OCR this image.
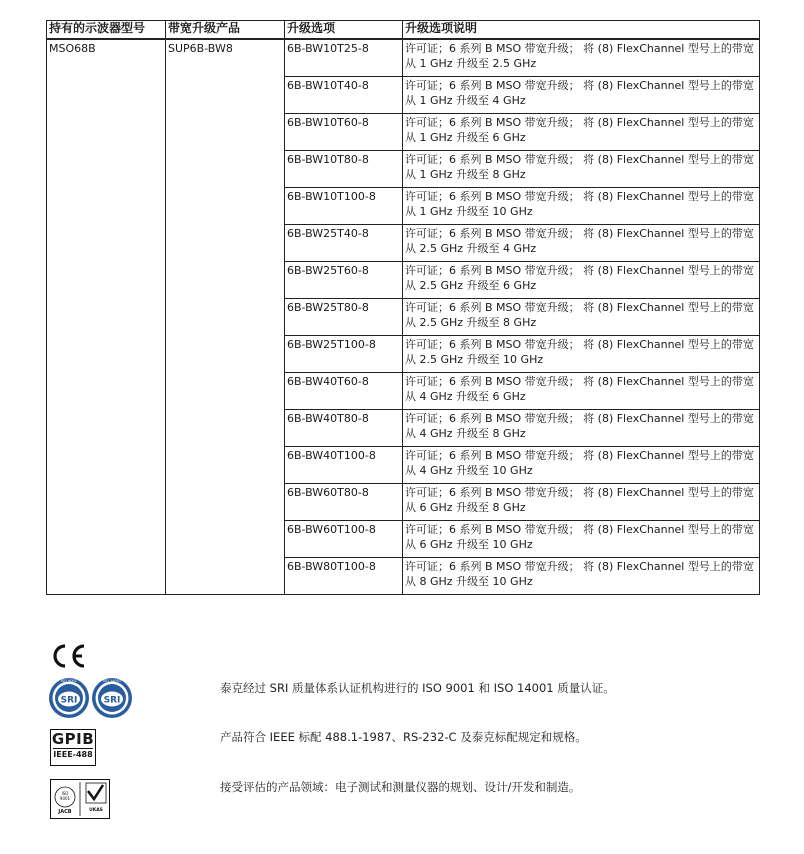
持有的示波器型号	带宽升级产品	升级选项	升级选项说明
MSO68B	SUP6B-BW8	6B-BW10T25-8	许可证；6 系列 B MSO 带宽升级； 将 (8) FlexChannel 型号上的带宽从 1 GHz 升级至 2.5 GHz
		6B-BW10T40-8	许可证；6 系列 B MSO 带宽升级； 将 (8) FlexChannel 型号上的带宽从 1 GHz 升级至 4 GHz
		6B-BW10T60-8	许可证；6 系列 B MSO 带宽升级； 将 (8) FlexChannel 型号上的带宽从 1 GHz 升级至 6 GHz
		6B-BW10T80-8	许可证；6 系列 B MSO 带宽升级； 将 (8) FlexChannel 型号上的带宽从 1 GHz 升级至 8 GHz
		6B-BW10T100-8	许可证；6 系列 B MSO 带宽升级； 将 (8) FlexChannel 型号上的带宽从 1 GHz 升级至 10 GHz
		6B-BW25T40-8	许可证；6 系列 B MSO 带宽升级； 将 (8) FlexChannel 型号上的带宽从 2.5 GHz 升级至 4 GHz
		6B-BW25T60-8	许可证；6 系列 B MSO 带宽升级； 将 (8) FlexChannel 型号上的带宽从 2.5 GHz 升级至 6 GHz
		6B-BW25T80-8	许可证；6 系列 B MSO 带宽升级； 将 (8) FlexChannel 型号上的带宽从 2.5 GHz 升级至 8 GHz
		6B-BW25T100-8	许可证；6 系列 B MSO 带宽升级； 将 (8) FlexChannel 型号上的带宽从 2.5 GHz 升级至 10 GHz
		6B-BW40T60-8	许可证；6 系列 B MSO 带宽升级； 将 (8) FlexChannel 型号上的带宽从 4 GHz 升级至 6 GHz
		6B-BW40T80-8	许可证；6 系列 B MSO 带宽升级； 将 (8) FlexChannel 型号上的带宽从 4 GHz 升级至 8 GHz
		6B-BW40T100-8	许可证；6 系列 B MSO 带宽升级； 将 (8) FlexChannel 型号上的带宽从 4 GHz 升级至 10 GHz
		6B-BW60T80-8	许可证；6 系列 B MSO 带宽升级； 将 (8) FlexChannel 型号上的带宽从 6 GHz 升级至 8 GHz
		6B-BW60T100-8	许可证；6 系列 B MSO 带宽升级； 将 (8) FlexChannel 型号上的带宽从 6 GHz 升级至 10 GHz
		6B-BW80T100-8	许可证；6 系列 B MSO 带宽升级； 将 (8) FlexChannel 型号上的带宽从 8 GHz 升级至 10 GHz
SRI
ISO 9001
SRI
ISO 14001	泰克经过 SRI 质量体系认证机构进行的 ISO 9001 和 ISO 14001 质量认证。
GPIB
IEEE-488
产品符合 IEEE 标配 488.1-1987、RS-232-C 及泰克标配规定和规格。
ISO
9001
JACB	UKAS
接受评估的产品领域：电子测试和测量仪器的规划、设计/开发和制造。
